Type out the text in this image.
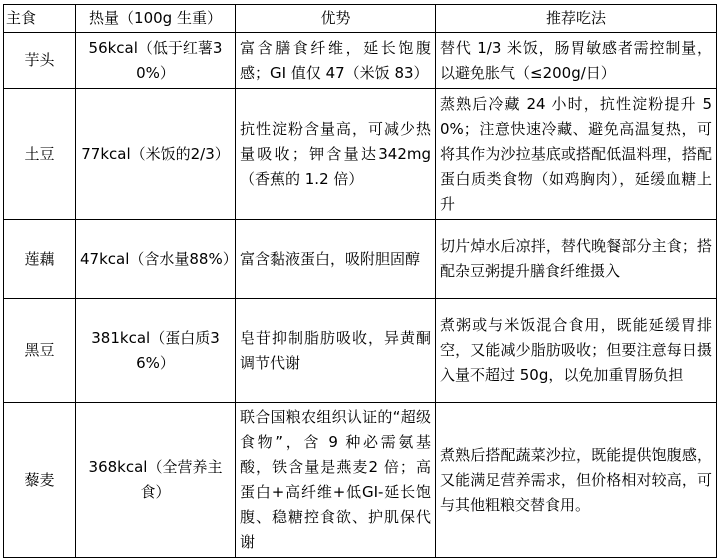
主食	热量（100g 生重）	优势	推荐吃法
芋头	56kcal（低于红薯30%）	富含膳食纤维，延长饱腹感；GI 值仅 47（米饭 83）	替代 1/3 米饭，肠胃敏感者需控制量，以避免胀气（≤200g/日）
土豆	77kcal（米饭的2/3）	抗性淀粉含量高，可减少热量吸收；钾含量达342mg（香蕉的 1.2 倍）	蒸熟后冷藏 24 小时，抗性淀粉提升 50%；注意快速冷藏、避免高温复热，可将其作为沙拉基底或搭配低温料理，搭配蛋白质类食物（如鸡胸肉），延缓血糖上升
莲藕	47kcal（含水量88%）	富含黏液蛋白，吸附胆固醇	切片焯水后凉拌，替代晚餐部分主食；搭配杂豆粥提升膳食纤维摄入
黑豆	381kcal（蛋白质36%）	皂苷抑制脂肪吸收，异黄酮调节代谢	煮粥或与米饭混合食用，既能延缓胃排空，又能减少脂肪吸收；但要注意每日摄入量不超过 50g，以免加重胃肠负担
藜麦	368kcal（全营养主食）	联合国粮农组织认证的“超级食物”，含 9 种必需氨基酸，铁含量是燕麦2 倍；高蛋白+高纤维+低GI-延长饱腹、稳糖控食欲、护肌保代谢	煮熟后搭配蔬菜沙拉，既能提供饱腹感，又能满足营养需求，但价格相对较高，可与其他粗粮交替食用。
